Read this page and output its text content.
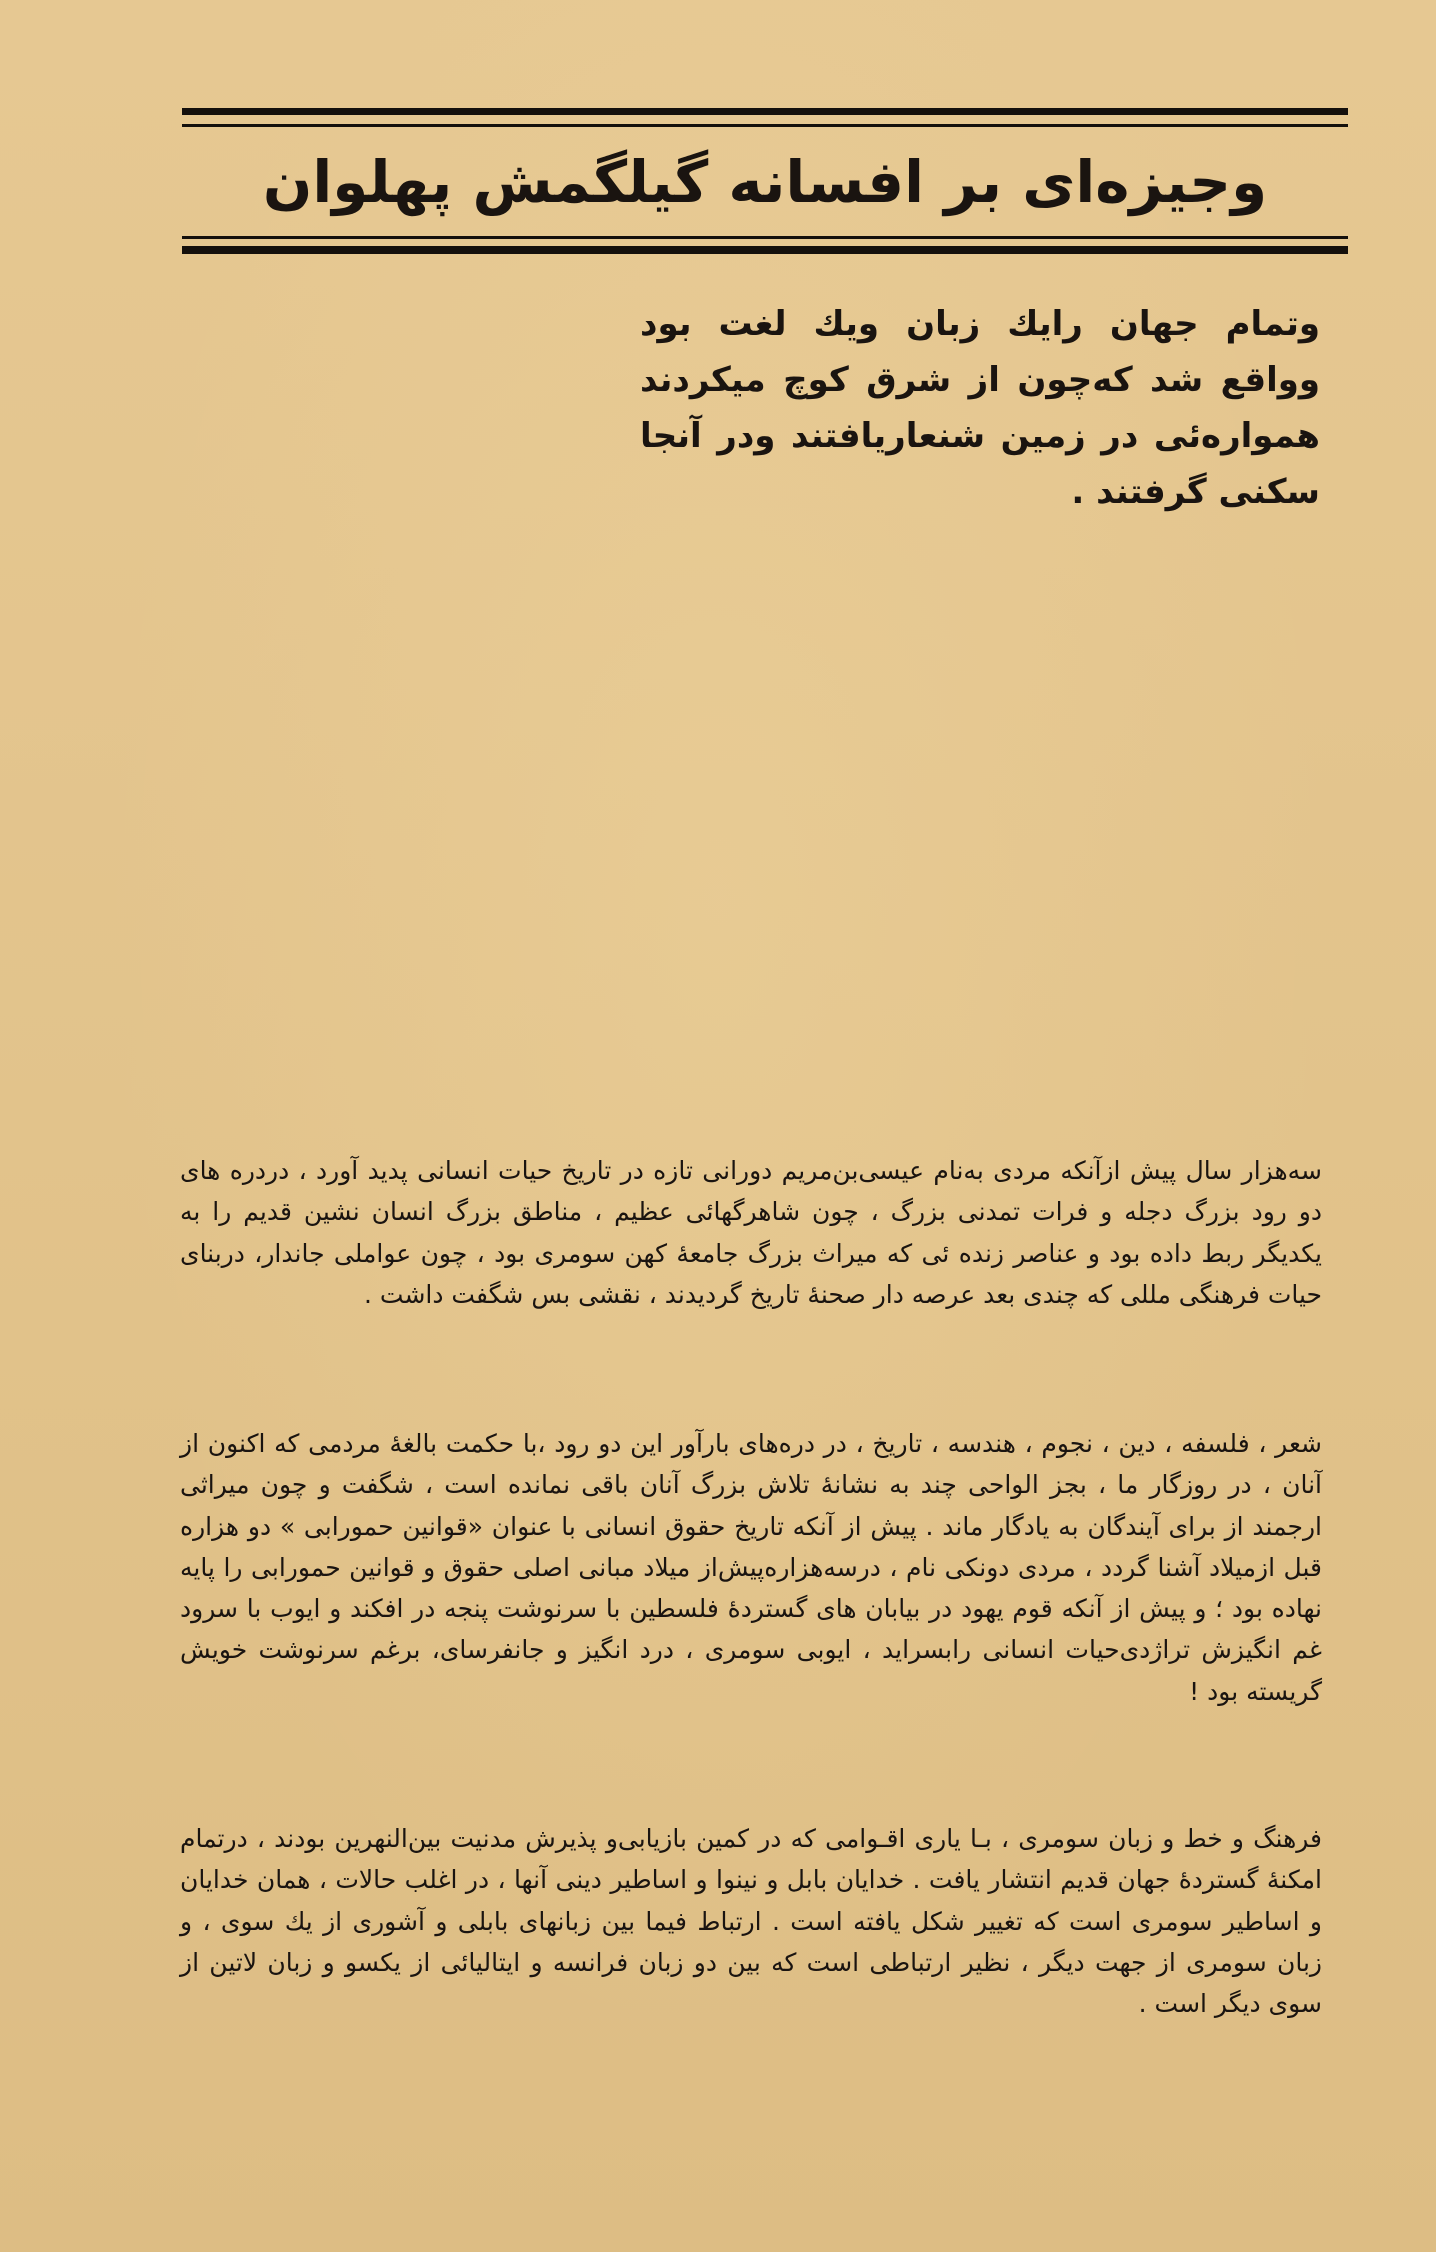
وجیزه‌ای بر افسانه گیلگمش پهلوان
وتمام جهان رایك زبان ویك لغت بود وواقع شد که‌چون از شرق کوچ میکردند همواره‌ئی در زمین شنعاریافتند ودر آنجا سکنی گرفتند .

سه‌هزار سال پیش ازآنکه مردی به‌نام عیسی‌بن‌مریم دورانی تازه در تاریخ حیات انسانی پدید آورد ، دردره های دو رود بزرگ دجله و فرات تمدنی بزرگ ، چون شاهرگهائی عظیم ، مناطق بزرگ انسان نشین قدیم را به یکدیگر ربط داده بود و عناصر زنده ئی که میراث بزرگ جامعهٔ کهن سومری بود ، چون عواملی جاندار، دربنای حیات فرهنگی مللی که چندی بعد عرصه دار صحنهٔ تاریخ گردیدند ، نقشی بس شگفت داشت .

شعر ، فلسفه ، دین ، نجوم ، هندسه ، تاریخ ، در دره‌های بارآور این دو رود ،با حکمت بالغهٔ مردمی که اکنون از آنان ، در روزگار ما ، بجز الواحی چند به نشانهٔ تلاش بزرگ آنان باقی نمانده است ، شگفت و چون میراثی ارجمند از برای آیندگان به یادگار ماند . پیش از آنکه تاریخ حقوق انسانی با عنوان «قوانین حمورابی » دو هزاره قبل ازمیلاد آشنا گردد ، مردی دونکی نام ، درسه‌هزاره‌پیش‌از میلاد مبانی اصلی حقوق و قوانین حمورابی را پایه نهاده بود ؛ و پیش از آنکه قوم یهود در بیابان های گستردهٔ فلسطین با سرنوشت پنجه در افکند و ایوب با سرود غم انگیزش تراژدی‌حیات انسانی رابسراید ، ایوبی سومری ، درد انگیز و جانفرسای، برغم سرنوشت خویش گریسته بود !

فرهنگ و خط و زبان سومری ، بـا یاری اقـوامی که در کمین بازیابی‌و پذیرش مدنیت بین‌النهرین بودند ، درتمام امکنهٔ گستردهٔ جهان قدیم انتشار یافت . خدایان بابل و نینوا و اساطیر دینی آنها ، در اغلب حالات ، همان خدایان و اساطیر سومری است که تغییر شکل یافته است . ارتباط فیما بین زبانهای بابلی و آشوری از یك سوی ، و زبان سومری از جهت دیگر ، نظیر ارتباطی است که بین دو زبان فرانسه و ایتالیائی از یکسو و زبان لاتین از سوی دیگر است .
